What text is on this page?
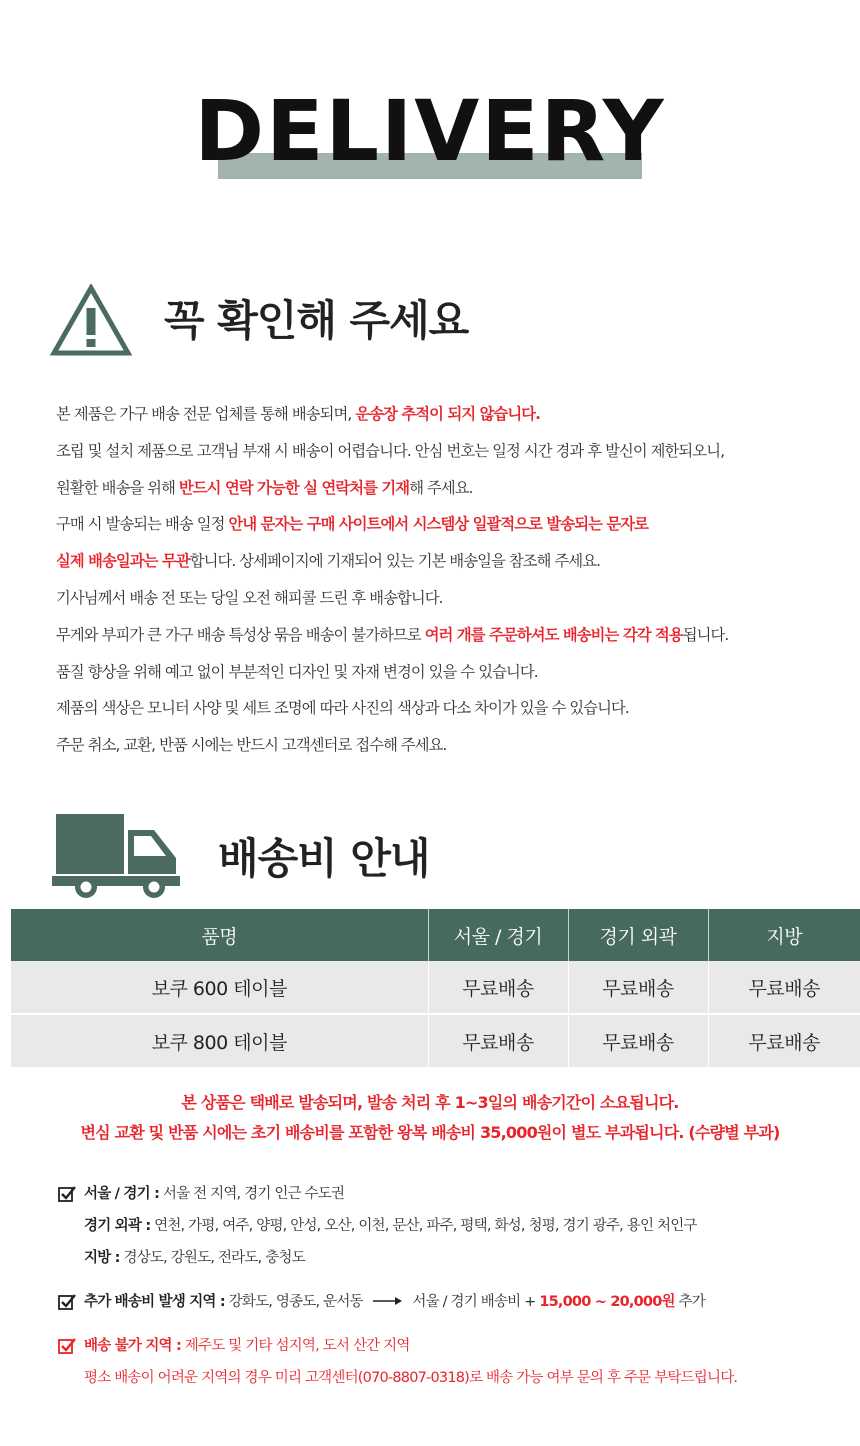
DELIVERY
꼭 확인해 주세요
본 제품은 가구 배송 전문 업체를 통해 배송되며, 운송장 추적이 되지 않습니다.
조립 및 설치 제품으로 고객님 부재 시 배송이 어렵습니다. 안심 번호는 일정 시간 경과 후 발신이 제한되오니,
원활한 배송을 위해 반드시 연락 가능한 실 연락처를 기재해 주세요.
구매 시 발송되는 배송 일정 안내 문자는 구매 사이트에서 시스템상 일괄적으로 발송되는 문자로
실제 배송일과는 무관합니다. 상세페이지에 기재되어 있는 기본 배송일을 참조해 주세요.
기사님께서 배송 전 또는 당일 오전 해피콜 드린 후 배송합니다.
무게와 부피가 큰 가구 배송 특성상 묶음 배송이 불가하므로 여러 개를 주문하셔도 배송비는 각각 적용됩니다.
품질 향상을 위해 예고 없이 부분적인 디자인 및 자재 변경이 있을 수 있습니다.
제품의 색상은 모니터 사양 및 세트 조명에 따라 사진의 색상과 다소 차이가 있을 수 있습니다.
주문 취소, 교환, 반품 시에는 반드시 고객센터로 접수해 주세요.
배송비 안내
품명	서울 / 경기	경기 외곽	지방
보쿠 600 테이블	무료배송	무료배송	무료배송
보쿠 800 테이블	무료배송	무료배송	무료배송
본 상품은 택배로 발송되며, 발송 처리 후 1~3일의 배송기간이 소요됩니다.
변심 교환 및 반품 시에는 초기 배송비를 포함한 왕복 배송비 35,000원이 별도 부과됩니다. (수량별 부과)
서울 / 경기 : 서울 전 지역, 경기 인근 수도권
경기 외곽 : 연천, 가평, 여주, 양평, 안성, 오산, 이천, 문산, 파주, 평택, 화성, 청평, 경기 광주, 용인 처인구
지방 : 경상도, 강원도, 전라도, 충청도
추가 배송비 발생 지역 : 강화도, 영종도, 운서동	서울 / 경기 배송비 + 15,000 ~ 20,000원 추가
배송 불가 지역 : 제주도 및 기타 섬지역, 도서 산간 지역
평소 배송이 어려운 지역의 경우 미리 고객센터(070-8807-0318)로 배송 가능 여부 문의 후 주문 부탁드립니다.
